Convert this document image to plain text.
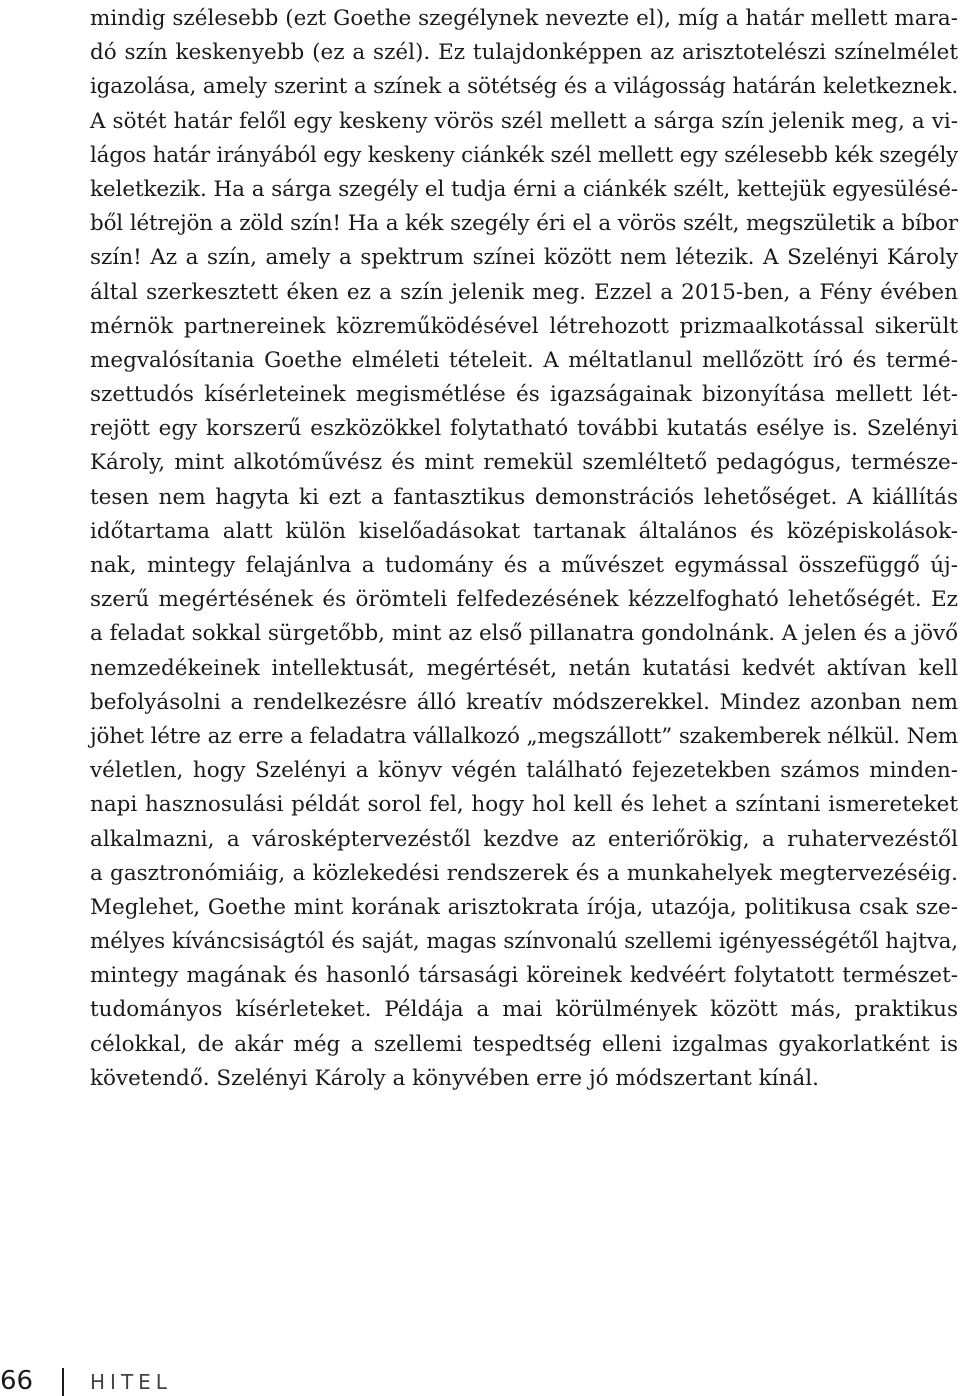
mindig szélesebb (ezt Goethe szegélynek nevezte el), míg a határ mellett mara-
dó szín keskenyebb (ez a szél). Ez tulajdonképpen az arisztotelészi színelmélet
igazolása, amely szerint a színek a sötétség és a világosság határán keletkeznek.
A sötét határ felől egy keskeny vörös szél mellett a sárga szín jelenik meg, a vi-
lágos határ irányából egy keskeny ciánkék szél mellett egy szélesebb kék szegély
keletkezik. Ha a sárga szegély el tudja érni a ciánkék szélt, kettejük egyesülésé-
ből létrejön a zöld szín! Ha a kék szegély éri el a vörös szélt, megszületik a bíbor
szín! Az a szín, amely a spektrum színei között nem létezik. A Szelényi Károly
által szerkesztett éken ez a szín jelenik meg. Ezzel a 2015-ben, a Fény évében
mérnök partnereinek közreműködésével létrehozott prizmaalkotással sikerült
megvalósítania Goethe elméleti tételeit. A méltatlanul mellőzött író és termé-
szettudós kísérleteinek megismétlése és igazságainak bizonyítása mellett lét-
rejött egy korszerű eszközökkel folytatható további kutatás esélye is. Szelényi
Károly, mint alkotóművész és mint remekül szemléltető pedagógus, természe-
tesen nem hagyta ki ezt a fantasztikus demonstrációs lehetőséget. A kiállítás
időtartama alatt külön kiselőadásokat tartanak általános és középiskolások-
nak, mintegy felajánlva a tudomány és a művészet egymással összefüggő új-
szerű megértésének és örömteli felfedezésének kézzelfogható lehetőségét. Ez
a feladat sokkal sürgetőbb, mint az első pillanatra gondolnánk. A jelen és a jövő
nemzedékeinek intellektusát, megértését, netán kutatási kedvét aktívan kell
befolyásolni a rendelkezésre álló kreatív módszerekkel. Mindez azonban nem
jöhet létre az erre a feladatra vállalkozó „megszállott” szakemberek nélkül. Nem
véletlen, hogy Szelényi a könyv végén található fejezetekben számos minden-
napi hasznosulási példát sorol fel, hogy hol kell és lehet a színtani ismereteket
alkalmazni, a városképtervezéstől kezdve az enteriőrökig, a ruhatervezéstől
a gasztronómiáig, a közlekedési rendszerek és a munkahelyek megtervezéséig.
Meglehet, Goethe mint korának arisztokrata írója, utazója, politikusa csak sze-
mélyes kíváncsiságtól és saját, magas színvonalú szellemi igényességétől hajtva,
mintegy magának és hasonló társasági köreinek kedvéért folytatott természet-
tudományos kísérleteket. Példája a mai körülmények között más, praktikus
célokkal, de akár még a szellemi tespedtség elleni izgalmas gyakorlatként is
követendő. Szelényi Károly a könyvében erre jó módszertant kínál.
66	HITEL
